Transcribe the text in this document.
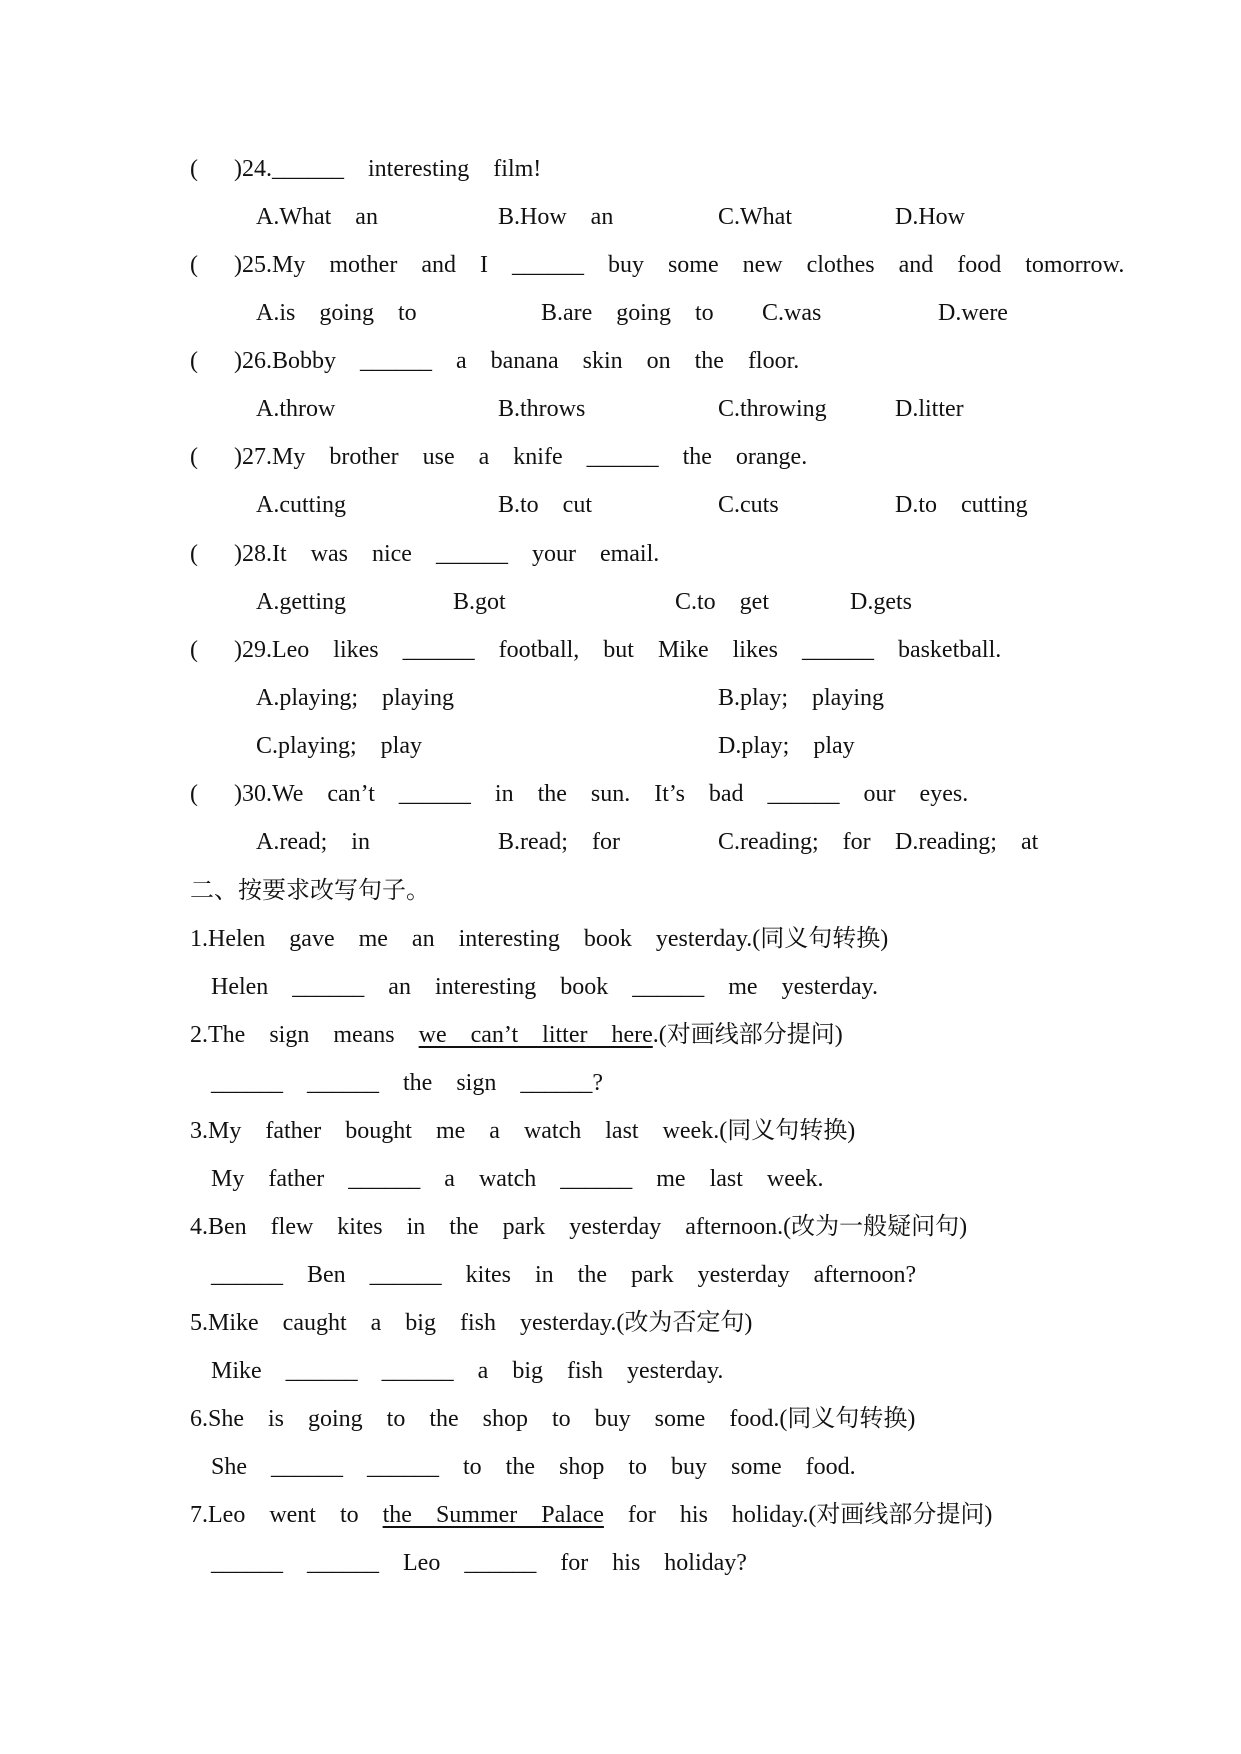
( )24.______  interesting  film!
A.What  an	B.How  an	C.What	D.How
( )25.My  mother  and  I  ______  buy  some  new  clothes  and  food  tomorrow.
A.is  going  to	B.are  going  to C.was	D.were
( )26.Bobby  ______  a  banana  skin  on  the  floor.
A.throw	B.throws	C.throwing	D.litter
( )27.My  brother  use  a  knife  ______  the  orange.
A.cutting	B.to  cut	C.cuts	D.to  cutting
( )28.It  was  nice  ______  your  email.
A.getting	B.got	C.to  get	D.gets
( )29.Leo  likes  ______  football,  but  Mike  likes  ______  basketball.
A.playing;  playing	B.play;  playing
C.playing;  play	D.play;  play
( )30.We  can’t  ______  in  the  sun.  It’s  bad  ______  our  eyes.
A.read;  in	B.read;  for	C.reading;  for D.reading;  at
二、按要求改写句子。
1.Helen  gave  me  an  interesting  book  yesterday.(同义句转换)
Helen  ______  an  interesting  book  ______  me  yesterday.
2.The  sign  means  we  can’t  litter  here.(对画线部分提问)
______  ______  the  sign  ______?
3.My  father  bought  me  a  watch  last  week.(同义句转换)
My  father  ______  a  watch  ______  me  last  week.
4.Ben  flew  kites  in  the  park  yesterday  afternoon.(改为一般疑问句)
______  Ben  ______  kites  in  the  park  yesterday  afternoon?
5.Mike  caught  a  big  fish  yesterday.(改为否定句)
Mike  ______  ______  a  big  fish  yesterday.
6.She  is  going  to  the  shop  to  buy  some  food.(同义句转换)
She  ______  ______  to  the  shop  to  buy  some  food.
7.Leo  went  to  the  Summer  Palace  for  his  holiday.(对画线部分提问)
______  ______  Leo  ______  for  his  holiday?
